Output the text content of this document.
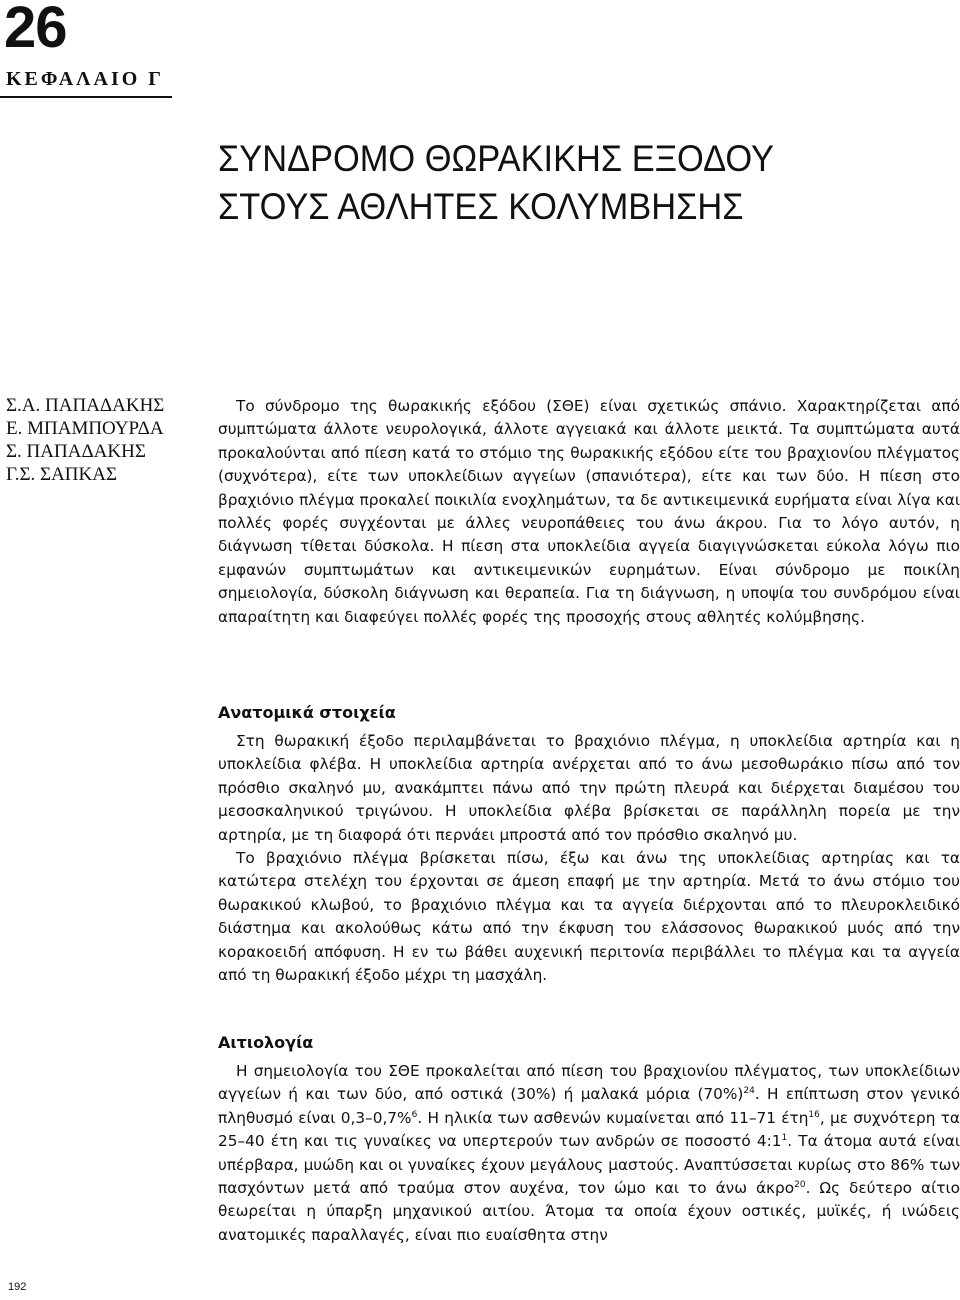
26
ΚΕΦΑΛΑΙΟ Γ
ΣΥΝΔΡΟΜΟ ΘΩΡΑΚΙΚΗΣ ΕΞΟΔΟΥ
ΣΤΟΥΣ ΑΘΛΗΤΕΣ ΚΟΛΥΜΒΗΣΗΣ
Σ.Α. ΠΑΠΑΔΑΚΗΣ
Ε. ΜΠΑΜΠΟΥΡΔΑ
Σ. ΠΑΠΑΔΑΚΗΣ
Γ.Σ. ΣΑΠΚΑΣ

Το σύνδρομο της θωρακικής εξόδου (ΣΘΕ) είναι σχετικώς σπάνιο. Χαρακτηρίζεται από συμπτώματα άλλοτε νευρολογικά, άλλοτε αγγειακά και άλλοτε μεικτά. Τα συμπτώματα αυτά προκαλούνται από πίεση κατά το στόμιο της θωρακικής εξόδου είτε του βραχιονίου πλέγματος (συχνότερα), είτε των υποκλείδιων αγγείων (σπανιότερα), είτε και των δύο. Η πίεση στο βραχιόνιο πλέγμα προκαλεί ποικιλία ενοχλημάτων, τα δε αντικειμενικά ευρήματα είναι λίγα και πολλές φορές συγχέονται με άλλες νευροπάθειες του άνω άκρου. Για το λόγο αυτόν, η διάγνωση τίθεται δύσκολα. Η πίεση στα υποκλείδια αγγεία διαγιγνώσκεται εύκολα λόγω πιο εμφανών συμπτωμάτων και αντικειμενικών ευρημάτων. Είναι σύνδρομο με ποικίλη σημειολογία, δύσκολη διάγνωση και θεραπεία. Για τη διάγνωση, η υποψία του συνδρόμου είναι απαραίτητη και διαφεύγει πολλές φορές της προσοχής στους αθλητές κολύμβησης.

Ανατομικά στοιχεία

Στη θωρακική έξοδο περιλαμβάνεται το βραχιόνιο πλέγμα, η υποκλείδια αρτηρία και η υποκλείδια φλέβα. Η υποκλείδια αρτηρία ανέρχεται από το άνω μεσοθωράκιο πίσω από τον πρόσθιο σκαληνό μυ, ανακάμπτει πάνω από την πρώτη πλευρά και διέρχεται διαμέσου του μεσοσκαληνικού τριγώνου. Η υποκλείδια φλέβα βρίσκεται σε παράλληλη πορεία με την αρτηρία, με τη διαφορά ότι περνάει μπροστά από τον πρόσθιο σκαληνό μυ.

Το βραχιόνιο πλέγμα βρίσκεται πίσω, έξω και άνω της υποκλείδιας αρτηρίας και τα κατώτερα στελέχη του έρχονται σε άμεση επαφή με την αρτηρία. Μετά το άνω στόμιο του θωρακικού κλωβού, το βραχιόνιο πλέγμα και τα αγγεία διέρχονται από το πλευροκλειδικό διάστημα και ακολούθως κάτω από την έκφυση του ελάσσονος θωρακικού μυός από την κορακοειδή απόφυση. Η εν τω βάθει αυχενική περιτονία περιβάλλει το πλέγμα και τα αγγεία από τη θωρακική έξοδο μέχρι τη μασχάλη.

Αιτιολογία

Η σημειολογία του ΣΘΕ προκαλείται από πίεση του βραχιονίου πλέγματος, των υποκλείδιων αγγείων ή και των δύο, από οστικά (30%) ή μαλακά μόρια $(70\%)^{24}$. Η επίπτωση στον γενικό πληθυσμό είναι 0,3–0,7%$^6$. Η ηλικία των ασθενών κυμαίνεται από 11–71 έτη$^{16}$, με συχνότερη τα 25–40 έτη και τις γυναίκες να υπερτερούν των ανδρών σε ποσοστό $4:1^1$. Τα άτομα αυτά είναι υπέρβαρα, μυώδη και οι γυναίκες έχουν μεγάλους μαστούς. Αναπτύσσεται κυρίως στο 86% των πασχόντων μετά από τραύμα στον αυχένα, τον ώμο και το άνω άκρο$^{20}$. Ως δεύτερο αίτιο θεωρείται η ύπαρξη μηχανικού αιτίου. Άτομα τα οποία έχουν οστικές, μυϊκές, ή ινώδεις ανατομικές παραλλαγές, είναι πιο ευαίσθητα στην

192
